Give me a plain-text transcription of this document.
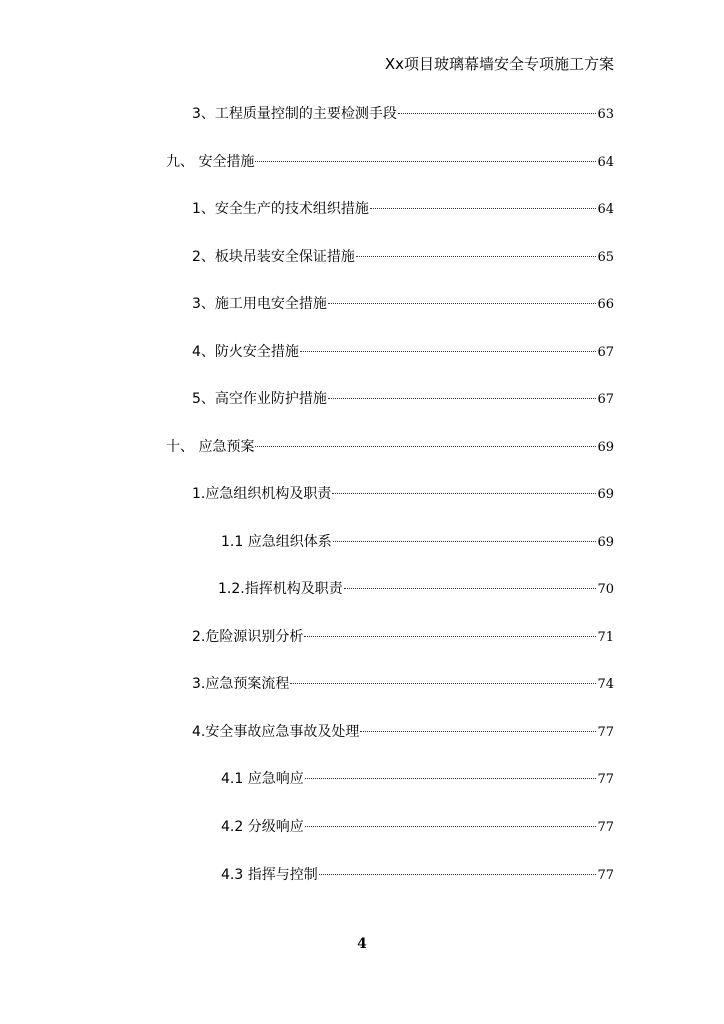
Xx项目玻璃幕墙安全专项施工方案
3、工程质量控制的主要检测手段	63
九、 安全措施	64
1、安全生产的技术组织措施	64
2、板块吊装安全保证措施	65
3、施工用电安全措施	66
4、防火安全措施	67
5、高空作业防护措施	67
十、 应急预案	69
1.应急组织机构及职责	69
1.1 应急组织体系	69
1.2.指挥机构及职责	70
2.危险源识别分析	71
3.应急预案流程	74
4.安全事故应急事故及处理	77
4.1 应急响应	77
4.2 分级响应	77
4.3 指挥与控制	77
4
